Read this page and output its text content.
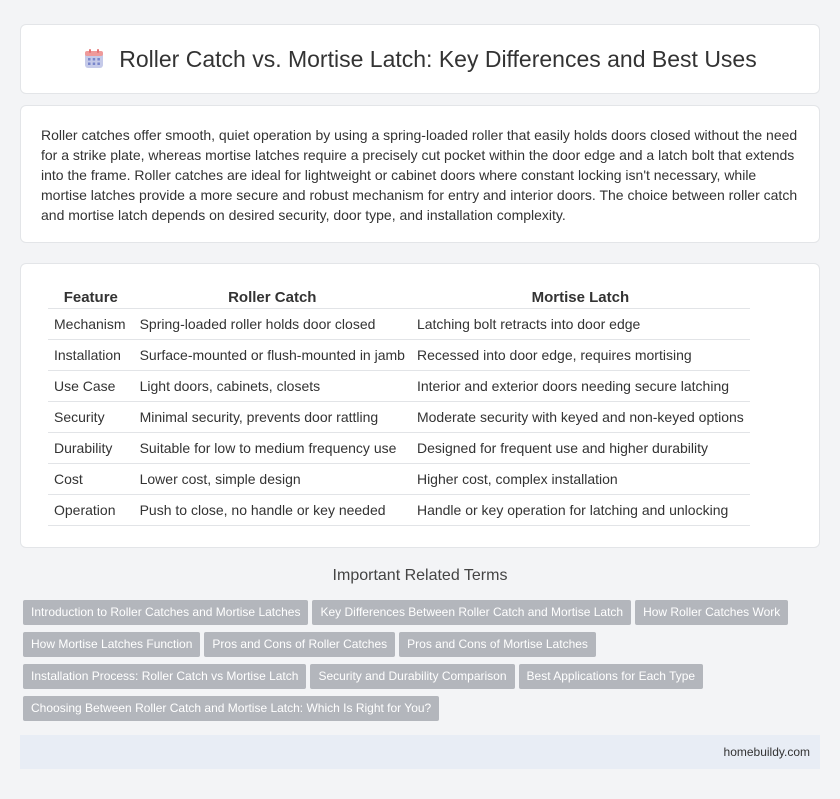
Roller Catch vs. Mortise Latch: Key Differences and Best Uses

Roller catches offer smooth, quiet operation by using a spring-loaded roller that easily holds doors closed without the need for a strike plate, whereas mortise latches require a precisely cut pocket within the door edge and a latch bolt that extends into the frame. Roller catches are ideal for lightweight or cabinet doors where constant locking isn't necessary, while mortise latches provide a more secure and robust mechanism for entry and interior doors. The choice between roller catch and mortise latch depends on desired security, door type, and installation complexity.

Feature	Roller Catch	Mortise Latch
Mechanism	Spring-loaded roller holds door closed	Latching bolt retracts into door edge
Installation	Surface-mounted or flush-mounted in jamb	Recessed into door edge, requires mortising
Use Case	Light doors, cabinets, closets	Interior and exterior doors needing secure latching
Security	Minimal security, prevents door rattling	Moderate security with keyed and non-keyed options
Durability	Suitable for low to medium frequency use	Designed for frequent use and higher durability
Cost	Lower cost, simple design	Higher cost, complex installation
Operation	Push to close, no handle or key needed	Handle or key operation for latching and unlocking
Important Related Terms
Introduction to Roller Catches and Mortise Latches Key Differences Between Roller Catch and Mortise Latch How Roller Catches WorkHow Mortise Latches Function Pros and Cons of Roller Catches Pros and Cons of Mortise LatchesInstallation Process: Roller Catch vs Mortise Latch Security and Durability Comparison Best Applications for Each TypeChoosing Between Roller Catch and Mortise Latch: Which Is Right for You?
homebuildy.com
